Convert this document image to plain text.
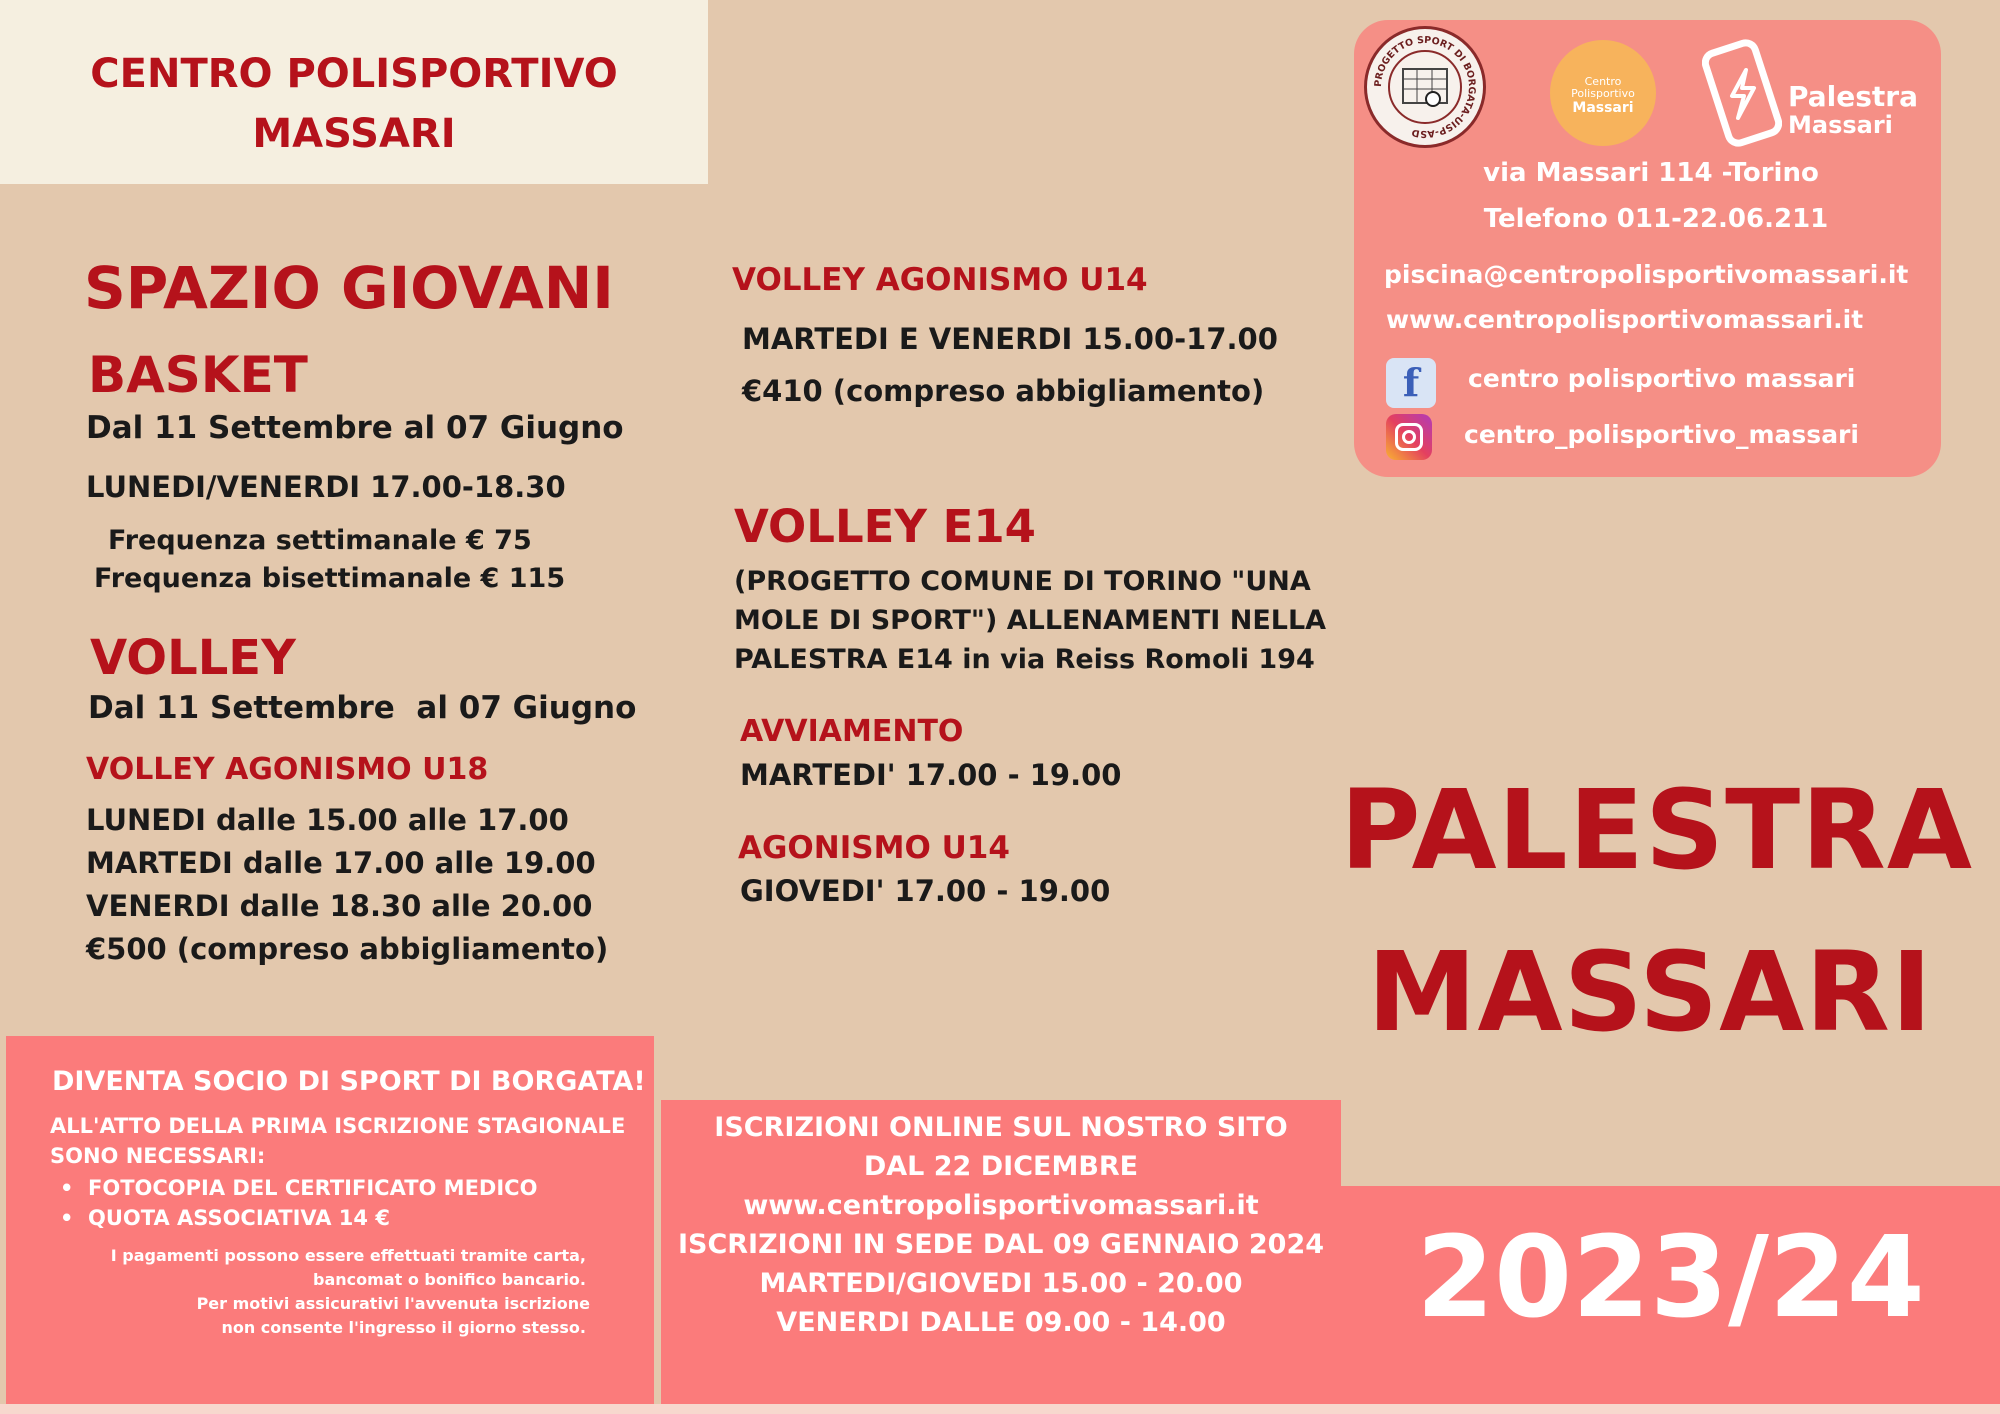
CENTRO POLISPORTIVO
MASSARI
PROGETTO SPORT DI BORGATA-UISP-ASD
Centro
Polisportivo
Massari	Palestra
Massari
via Massari 114 -Torino
Telefono 011-22.06.211
piscina@centropolisportivomassari.it
www.centropolisportivomassari.it
f	centro polisportivo massari
centro_polisportivo_massari
SPAZIO GIOVANI
BASKET
Dal 11 Settembre al 07 Giugno
LUNEDI/VENERDI 17.00-18.30
Frequenza settimanale € 75
Frequenza bisettimanale € 115
VOLLEY
Dal 11 Settembre  al 07 Giugno
VOLLEY AGONISMO U18
LUNEDI dalle 15.00 alle 17.00
MARTEDI dalle 17.00 alle 19.00
VENERDI dalle 18.30 alle 20.00
€500 (compreso abbigliamento)
VOLLEY AGONISMO U14
MARTEDI E VENERDI 15.00-17.00
€410 (compreso abbigliamento)
VOLLEY E14
(PROGETTO COMUNE DI TORINO "UNA
MOLE DI SPORT") ALLENAMENTI NELLA
PALESTRA E14 in via Reiss Romoli 194
AVVIAMENTO
MARTEDI' 17.00 - 19.00
AGONISMO U14
GIOVEDI' 17.00 - 19.00 PALESTRA
MASSARI
DIVENTA SOCIO DI SPORT DI BORGATA!
ALL'ATTO DELLA PRIMA ISCRIZIONE STAGIONALE
SONO NECESSARI:
• FOTOCOPIA DEL CERTIFICATO MEDICO
• QUOTA ASSOCIATIVA 14 €
I pagamenti possono essere effettuati tramite carta,
bancomat o bonifico bancario.
Per motivi assicurativi l'avvenuta iscrizione
non consente l'ingresso il giorno stesso.
ISCRIZIONI ONLINE SUL NOSTRO SITO
DAL 22 DICEMBRE
www.centropolisportivomassari.it
ISCRIZIONI IN SEDE DAL 09 GENNAIO 2024
MARTEDI/GIOVEDI 15.00 - 20.00
VENERDI DALLE 09.00 - 14.00	2023/24
